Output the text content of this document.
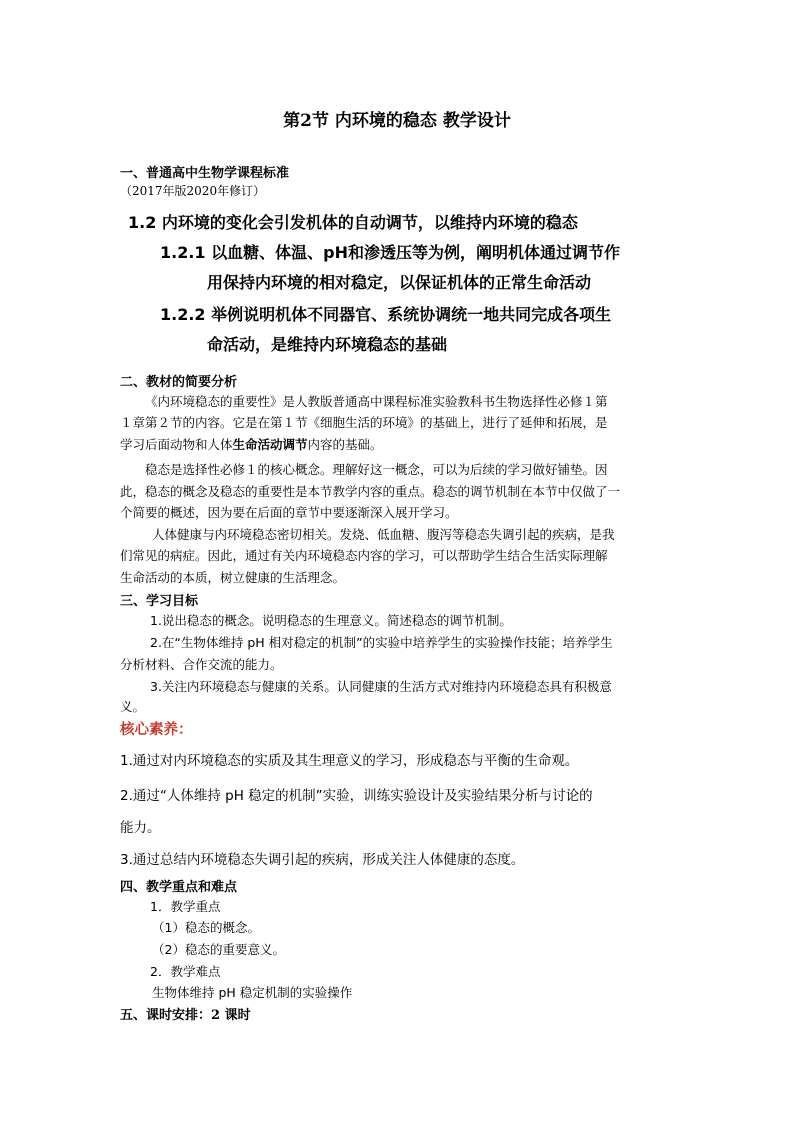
第2节 内环境的稳态 教学设计
一、普通高中生物学课程标准
（2017年版2020年修订）
1.2 内环境的变化会引发机体的自动调节，以维持内环境的稳态
1.2.1 以血糖、体温、pH和渗透压等为例，阐明机体通过调节作
用保持内环境的相对稳定，以保证机体的正常生命活动
1.2.2 举例说明机体不同器官、系统协调统一地共同完成各项生
命活动，是维持内环境稳态的基础
二、教材的简要分析
《内环境稳态的重要性》是人教版普通高中课程标准实验教科书生物选择性必修１第
１章第２节的内容。它是在第１节《细胞生活的环境》的基础上，进行了延伸和拓展，是
学习后面动物和人体生命活动调节内容的基础。
稳态是选择性必修１的核心概念。理解好这一概念，可以为后续的学习做好铺垫。因
此，稳态的概念及稳态的重要性是本节教学内容的重点。稳态的调节机制在本节中仅做了一
个简要的概述，因为要在后面的章节中要逐渐深入展开学习。
人体健康与内环境稳态密切相关。发烧、低血糖、腹泻等稳态失调引起的疾病，是我
们常见的病症。因此，通过有关内环境稳态内容的学习，可以帮助学生结合生活实际理解
生命活动的本质，树立健康的生活理念。
三、学习目标
1.说出稳态的概念。说明稳态的生理意义。简述稳态的调节机制。
2.在“生物体维持 pH 相对稳定的机制”的实验中培养学生的实验操作技能；培养学生
分析材料、合作交流的能力。
3.关注内环境稳态与健康的关系。认同健康的生活方式对维持内环境稳态具有积极意
义。
核心素养：
1.通过对内环境稳态的实质及其生理意义的学习，形成稳态与平衡的生命观。
2.通过“人体维持 pH 稳定的机制”实验，训练实验设计及实验结果分析与讨论的
能力。
3.通过总结内环境稳态失调引起的疾病，形成关注人体健康的态度。
四、教学重点和难点
1．教学重点
（1）稳态的概念。
（2）稳态的重要意义。
2．教学难点
生物体维持 pH 稳定机制的实验操作
五、课时安排：2 课时
